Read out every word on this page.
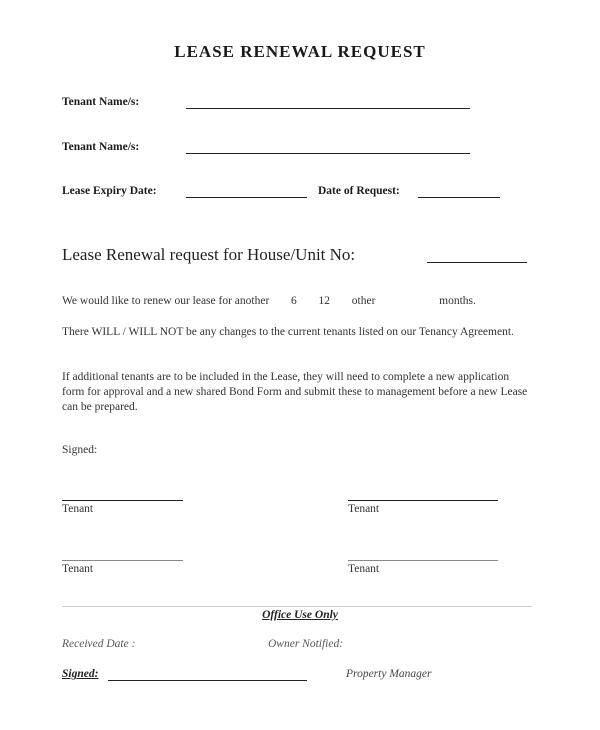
LEASE RENEWAL REQUEST
Tenant Name/s:
Tenant Name/s:
Lease Expiry Date:	Date of Request:
Lease Renewal request for House/Unit No:
We would like to renew our lease for another 6 12 other	months.
There WILL / WILL NOT be any changes to the current tenants listed on our Tenancy Agreement.
If additional tenants are to be included in the Lease, they will need to complete a new application form for approval and a new shared Bond Form and submit these to management before a new Lease can be prepared.
Signed:
Tenant	Tenant
Tenant	Tenant
Office Use Only
Received Date :	Owner Notified:
Signed:	Property Manager
